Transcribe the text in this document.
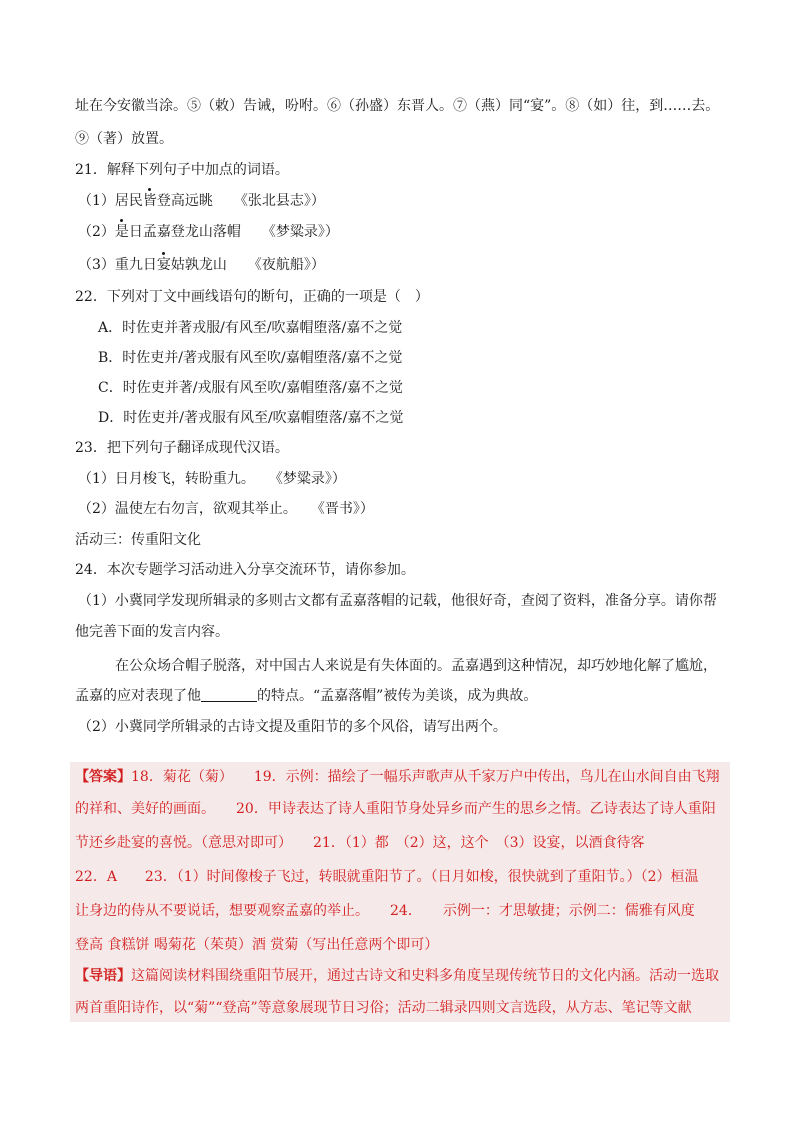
址在今安徽当涂。⑤（敕）告诫，吩咐。⑥（孙盛）东晋人。⑦（燕）同“宴”。⑧（如）往，到……去。
⑨（著）放置。
21．解释下列句子中加点的词语。
（1）居民皆登高远眺　　《张北县志》）
（2）是日孟嘉登龙山落帽　　《梦粱录》）
（3）重九日宴姑孰龙山　　《夜航船》）
22．下列对丁文中画线语句的断句，正确的一项是（　）
A．时佐吏并著戎服/有风至/吹嘉帽堕落/嘉不之觉
B．时佐吏并/著戎服有风至吹/嘉帽堕落/嘉不之觉
C．时佐吏并著/戎服有风至吹/嘉帽堕落/嘉不之觉
D．时佐吏并/著戎服有风至/吹嘉帽堕落/嘉不之觉
23．把下列句子翻译成现代汉语。
（1）日月梭飞，转盼重九。　　《梦粱录》）
（2）温使左右勿言，欲观其举止。　　《晋书》）
活动三：传重阳文化
24．本次专题学习活动进入分享交流环节，请你参加。
（1）小冀同学发现所辑录的多则古文都有孟嘉落帽的记载，他很好奇，查阅了资料，准备分享。请你帮
他完善下面的发言内容。
在公众场合帽子脱落，对中国古人来说是有失体面的。孟嘉遇到这种情况，却巧妙地化解了尴尬，
孟嘉的应对表现了他	的特点。“孟嘉落帽”被传为美谈，成为典故。
（2）小冀同学所辑录的古诗文提及重阳节的多个风俗，请写出两个。
【答案】18．菊花（菊）　　19．示例：描绘了一幅乐声歌声从千家万户中传出，鸟儿在山水间自由飞翔
的祥和、美好的画面。　　20．甲诗表达了诗人重阳节身处异乡而产生的思乡之情。乙诗表达了诗人重阳
节还乡赴宴的喜悦。（意思对即可）　　21．（1）都　（2）这，这个　（3）设宴，以酒食待客
22．A　　23．（1）时间像梭子飞过，转眼就重阳节了。（日月如梭，很快就到了重阳节。）（2）桓温
让身边的侍从不要说话，想要观察孟嘉的举止。　　24．　　示例一：才思敏捷；示例二：儒雅有风度
登高 食糕饼 喝菊花（茱萸）酒 赏菊（写出任意两个即可）
【导语】这篇阅读材料围绕重阳节展开，通过古诗文和史料多角度呈现传统节日的文化内涵。活动一选取
两首重阳诗作，以“菊”“登高”等意象展现节日习俗；活动二辑录四则文言选段，从方志、笔记等文献
